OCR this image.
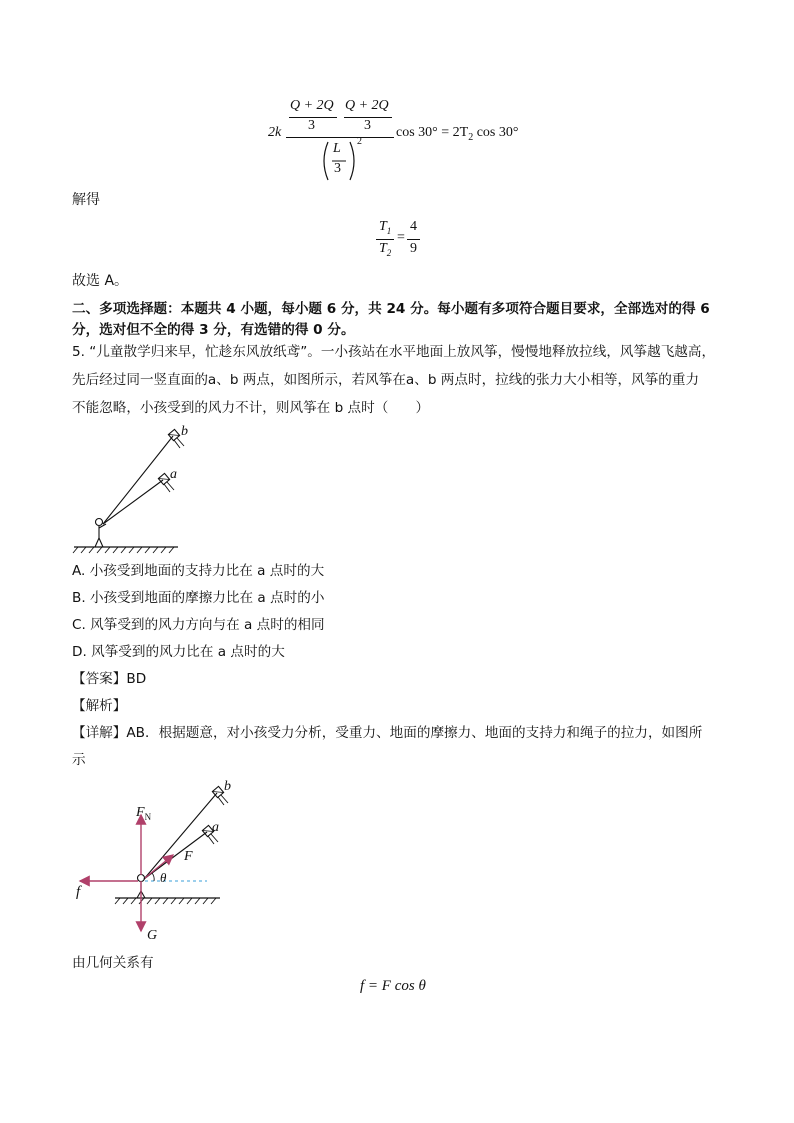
2k
Q + 2Q
3
Q + 2Q
3
L
3
2
$\cos 30^\circ = 2T_2$ cos 30°
解得
$T_1$
$T_2$
=
4
9
故选 A。
二、多项选择题：本题共 4 小题，每小题 6 分，共 24 分。每小题有多项符合题目要求，全部选对的得 6
分，选对但不全的得 3 分，有选错的得 0 分。
5. “儿童散学归来早，忙趁东风放纸鸢”。一小孩站在水平地面上放风筝，慢慢地释放拉线，风筝越飞越高，
先后经过同一竖直面的a、b 两点，如图所示，若风筝在a、b 两点时，拉线的张力大小相等，风筝的重力
不能忽略，小孩受到的风力不计，则风筝在 b 点时（　　）
b
a
A. 小孩受到地面的支持力比在 a 点时的大
B. 小孩受到地面的摩擦力比在 a 点时的小
C. 风筝受到的风力方向与在 a 点时的相同
D. 风筝受到的风力比在 a 点时的大
【答案】BD
【解析】
【详解】AB．根据题意，对小孩受力分析，受重力、地面的摩擦力、地面的支持力和绳子的拉力，如图所
示
$F_N$
b
a
F
θ
f
G
由几何关系有
f = F cos θ
